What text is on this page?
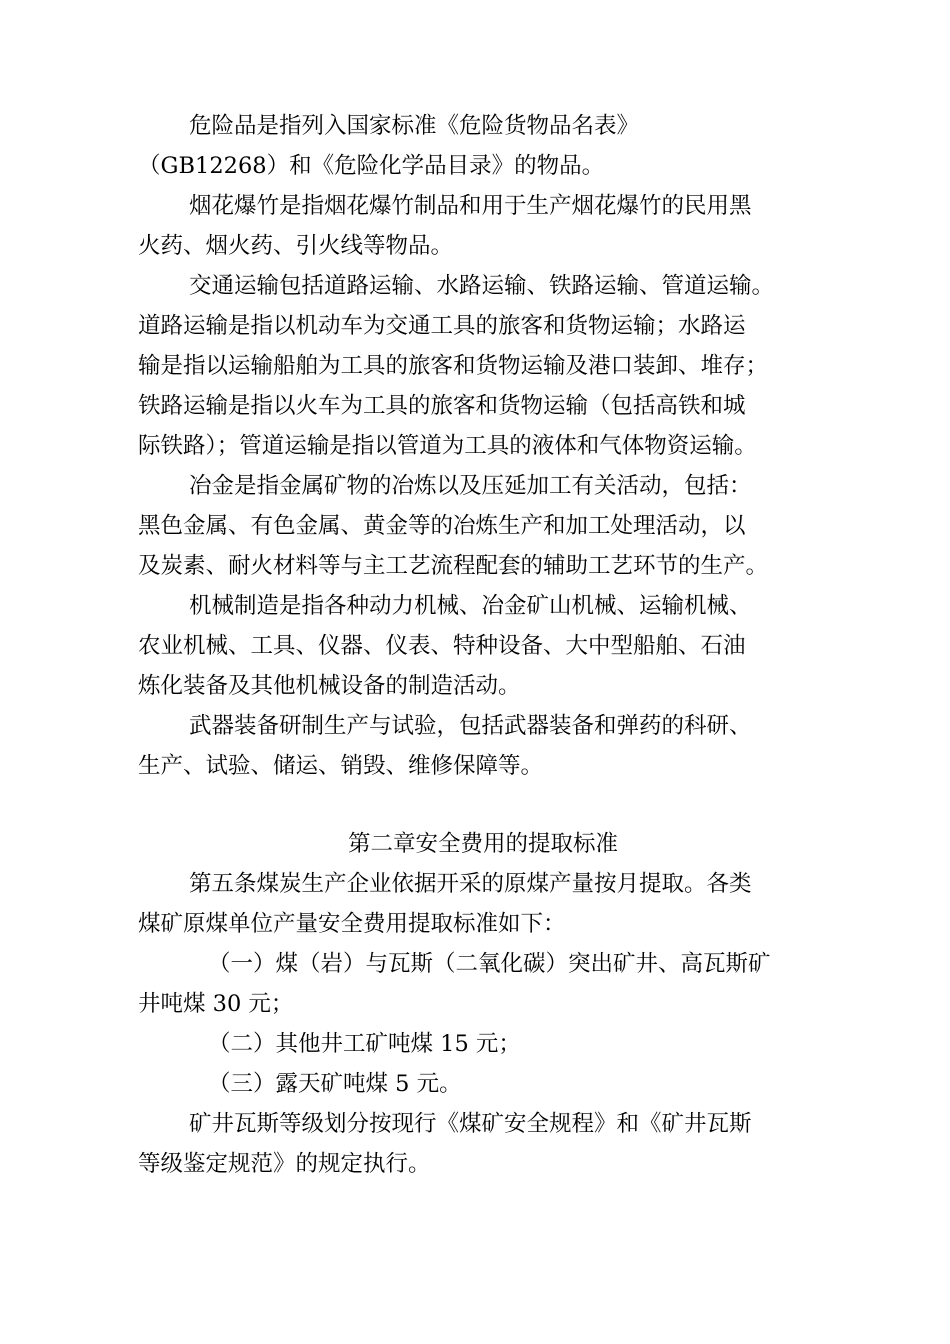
危险品是指列入国家标准《危险货物品名表》
（GB12268）和《危险化学品目录》的物品。
烟花爆竹是指烟花爆竹制品和用于生产烟花爆竹的民用黑
火药、烟火药、引火线等物品。
交通运输包括道路运输、水路运输、铁路运输、管道运输。
道路运输是指以机动车为交通工具的旅客和货物运输；水路运
输是指以运输船舶为工具的旅客和货物运输及港口装卸、堆存；
铁路运输是指以火车为工具的旅客和货物运输（包括高铁和城
际铁路）；管道运输是指以管道为工具的液体和气体物资运输。
冶金是指金属矿物的冶炼以及压延加工有关活动，包括：
黑色金属、有色金属、黄金等的冶炼生产和加工处理活动，以
及炭素、耐火材料等与主工艺流程配套的辅助工艺环节的生产。
机械制造是指各种动力机械、冶金矿山机械、运输机械、
农业机械、工具、仪器、仪表、特种设备、大中型船舶、石油
炼化装备及其他机械设备的制造活动。
武器装备研制生产与试验，包括武器装备和弹药的科研、
生产、试验、储运、销毁、维修保障等。
第二章安全费用的提取标准
第五条煤炭生产企业依据开采的原煤产量按月提取。各类
煤矿原煤单位产量安全费用提取标准如下：
（一）煤（岩）与瓦斯（二氧化碳）突出矿井、高瓦斯矿
井吨煤 30 元；
（二）其他井工矿吨煤 15 元；
（三）露天矿吨煤 5 元。
矿井瓦斯等级划分按现行《煤矿安全规程》和《矿井瓦斯
等级鉴定规范》的规定执行。
